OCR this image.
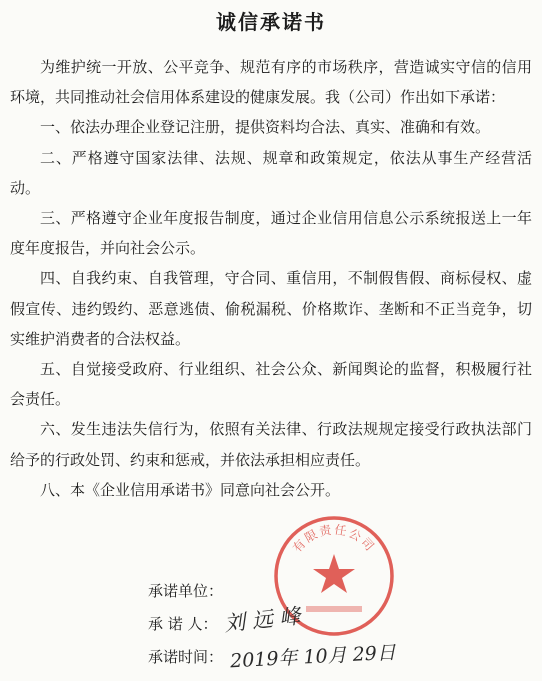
诚信承诺书

为维护统一开放、公平竞争、规范有序的市场秩序，营造诚实守信的信用环境，共同推动社会信用体系建设的健康发展。我（公司）作出如下承诺：

一、依法办理企业登记注册，提供资料均合法、真实、准确和有效。

二、严格遵守国家法律、法规、规章和政策规定，依法从事生产经营活动。

三、严格遵守企业年度报告制度，通过企业信用信息公示系统报送上一年度年度报告，并向社会公示。

四、自我约束、自我管理，守合同、重信用，不制假售假、商标侵权、虚假宣传、违约毁约、恶意逃债、偷税漏税、价格欺诈、垄断和不正当竞争，切实维护消费者的合法权益。

五、自觉接受政府、行业组织、社会公众、新闻舆论的监督，积极履行社会责任。

六、发生违法失信行为，依照有关法律、行政法规规定接受行政执法部门给予的行政处罚、约束和惩戒，并依法承担相应责任。

八、本《企业信用承诺书》同意向社会公开。

有限责任公司
承诺单位：
承 诺 人：
承诺时间：
刘 远 峰
2019年 10月 29日
